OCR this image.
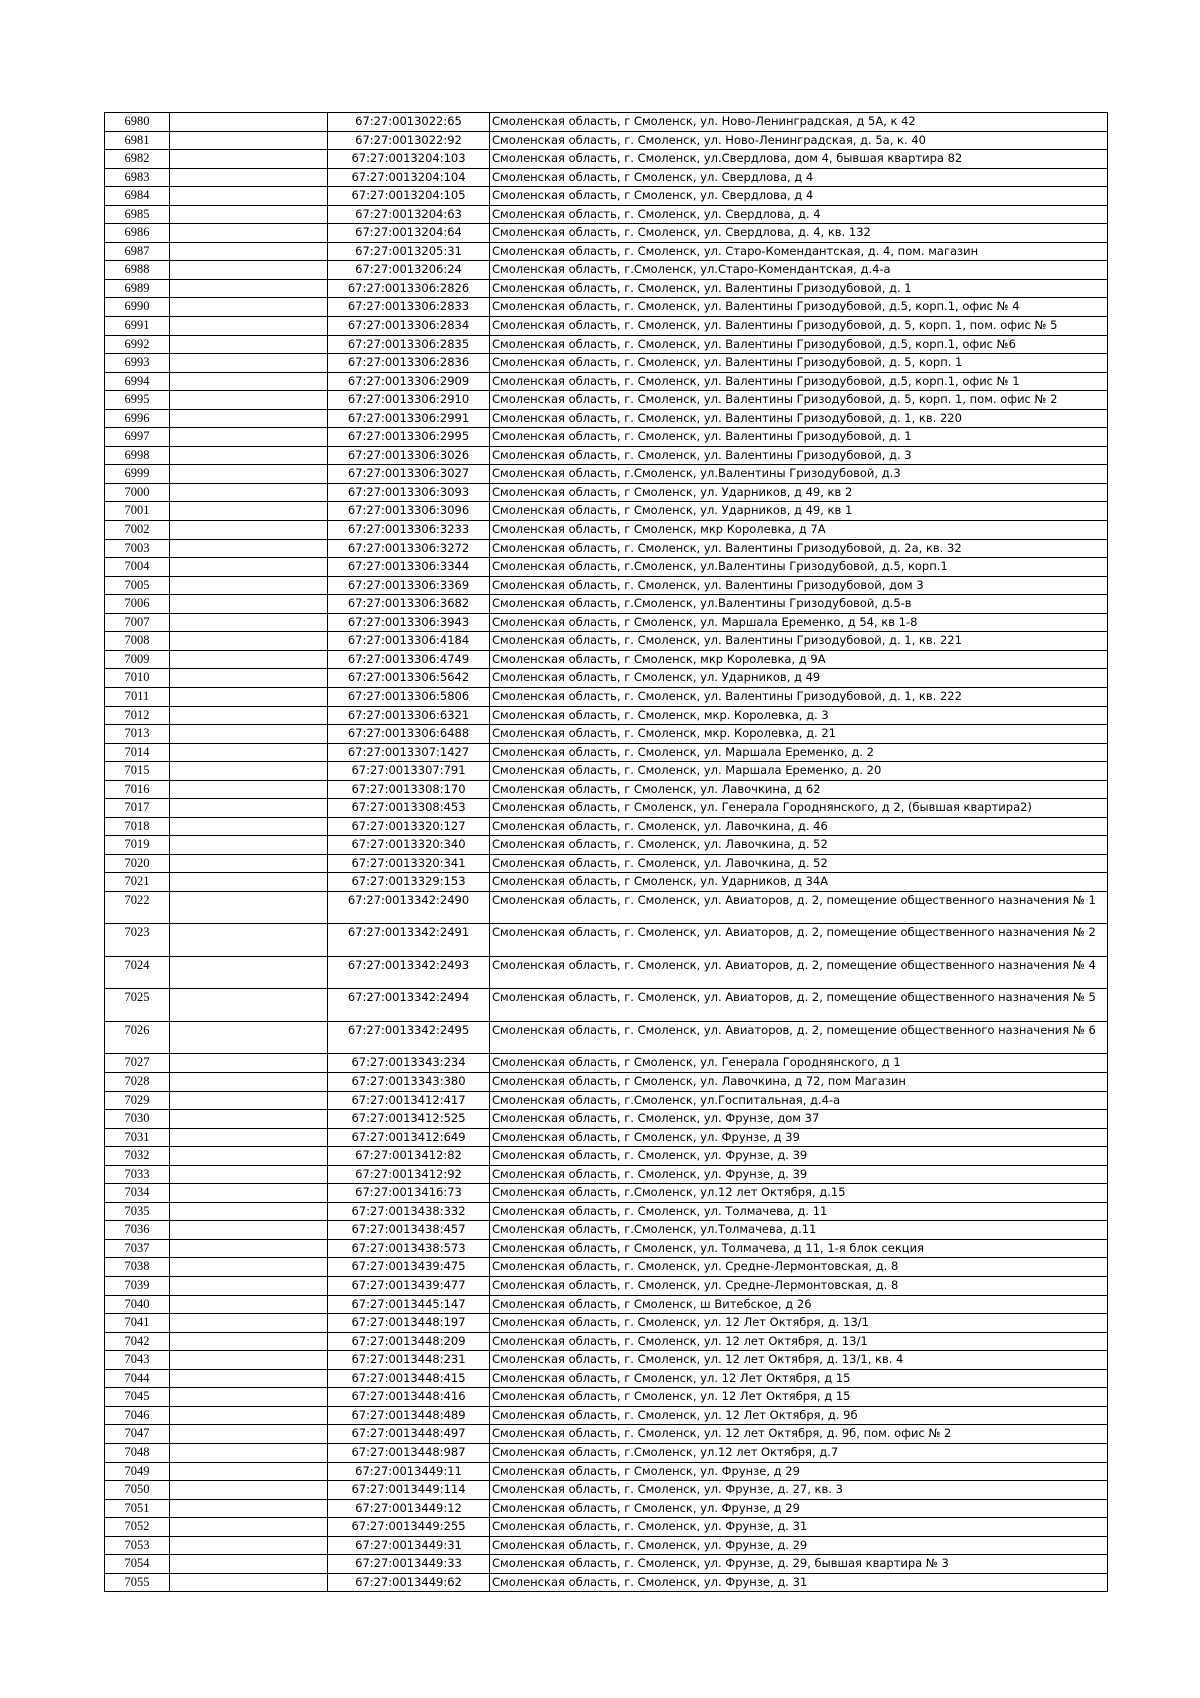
6980		67:27:0013022:65	Смоленская область, г Смоленск, ул. Ново-Ленинградская, д 5А, к 42
6981		67:27:0013022:92	Смоленская область, г. Смоленск, ул. Ново-Ленинградская, д. 5а, к. 40
6982		67:27:0013204:103	Смоленская область, г. Смоленск, ул.Свердлова, дом 4, бывшая квартира 82
6983		67:27:0013204:104	Смоленская область, г Смоленск, ул. Свердлова, д 4
6984		67:27:0013204:105	Смоленская область, г Смоленск, ул. Свердлова, д 4
6985		67:27:0013204:63	Смоленская область, г. Смоленск, ул. Свердлова, д. 4
6986		67:27:0013204:64	Смоленская область, г. Смоленск, ул. Свердлова, д. 4, кв. 132
6987		67:27:0013205:31	Смоленская область, г. Смоленск, ул. Старо-Комендантская, д. 4, пом. магазин
6988		67:27:0013206:24	Смоленская область, г.Смоленск, ул.Старо-Комендантская, д.4-а
6989		67:27:0013306:2826	Смоленская область, г. Смоленск, ул. Валентины Гризодубовой, д. 1
6990		67:27:0013306:2833	Смоленская область, г. Смоленск, ул. Валентины Гризодубовой, д.5, корп.1, офис № 4
6991		67:27:0013306:2834	Смоленская область, г. Смоленск, ул. Валентины Гризодубовой, д. 5, корп. 1, пом. офис № 5
6992		67:27:0013306:2835	Смоленская область, г. Смоленск, ул. Валентины Гризодубовой, д.5, корп.1, офис №6
6993		67:27:0013306:2836	Смоленская область, г. Смоленск, ул. Валентины Гризодубовой, д. 5, корп. 1
6994		67:27:0013306:2909	Смоленская область, г. Смоленск, ул. Валентины Гризодубовой, д.5, корп.1, офис № 1
6995		67:27:0013306:2910	Смоленская область, г. Смоленск, ул. Валентины Гризодубовой, д. 5, корп. 1, пом. офис № 2
6996		67:27:0013306:2991	Смоленская область, г. Смоленск, ул. Валентины Гризодубовой, д. 1, кв. 220
6997		67:27:0013306:2995	Смоленская область, г. Смоленск, ул. Валентины Гризодубовой, д. 1
6998		67:27:0013306:3026	Смоленская область, г. Смоленск, ул. Валентины Гризодубовой, д. 3
6999		67:27:0013306:3027	Смоленская область, г.Смоленск, ул.Валентины Гризодубовой, д.3
7000		67:27:0013306:3093	Смоленская область, г Смоленск, ул. Ударников, д 49, кв 2
7001		67:27:0013306:3096	Смоленская область, г Смоленск, ул. Ударников, д 49, кв 1
7002		67:27:0013306:3233	Смоленская область, г Смоленск, мкр Королевка, д 7А
7003		67:27:0013306:3272	Смоленская область, г. Смоленск, ул. Валентины Гризодубовой, д. 2а, кв. 32
7004		67:27:0013306:3344	Смоленская область, г.Смоленск, ул.Валентины Гризодубовой, д.5, корп.1
7005		67:27:0013306:3369	Смоленская область, г. Смоленск, ул. Валентины Гризодубовой, дом 3
7006		67:27:0013306:3682	Смоленская область, г.Смоленск, ул.Валентины Гризодубовой, д.5-в
7007		67:27:0013306:3943	Смоленская область, г Смоленск, ул. Маршала Еременко, д 54, кв 1-8
7008		67:27:0013306:4184	Смоленская область, г. Смоленск, ул. Валентины Гризодубовой, д. 1, кв. 221
7009		67:27:0013306:4749	Смоленская область, г Смоленск, мкр Королевка, д 9А
7010		67:27:0013306:5642	Смоленская область, г Смоленск, ул. Ударников, д 49
7011		67:27:0013306:5806	Смоленская область, г. Смоленск, ул. Валентины Гризодубовой, д. 1, кв. 222
7012		67:27:0013306:6321	Смоленская область, г. Смоленск, мкр. Королевка, д. 3
7013		67:27:0013306:6488	Смоленская область, г. Смоленск, мкр. Королевка, д. 21
7014		67:27:0013307:1427	Смоленская область, г. Смоленск, ул. Маршала Еременко, д. 2
7015		67:27:0013307:791	Смоленская область, г. Смоленск, ул. Маршала Еременко, д. 20
7016		67:27:0013308:170	Смоленская область, г Смоленск, ул. Лавочкина, д 62
7017		67:27:0013308:453	Смоленская область, г Смоленск, ул. Генерала Городнянского, д 2, (бывшая квартира2)
7018		67:27:0013320:127	Смоленская область, г. Смоленск, ул. Лавочкина, д. 46
7019		67:27:0013320:340	Смоленская область, г. Смоленск, ул. Лавочкина, д. 52
7020		67:27:0013320:341	Смоленская область, г. Смоленск, ул. Лавочкина, д. 52
7021		67:27:0013329:153	Смоленская область, г Смоленск, ул. Ударников, д 34А
7022		67:27:0013342:2490	Смоленская область, г. Смоленск, ул. Авиаторов, д. 2, помещение общественного назначения № 1
7023		67:27:0013342:2491	Смоленская область, г. Смоленск, ул. Авиаторов, д. 2, помещение общественного назначения № 2
7024		67:27:0013342:2493	Смоленская область, г. Смоленск, ул. Авиаторов, д. 2, помещение общественного назначения № 4
7025		67:27:0013342:2494	Смоленская область, г. Смоленск, ул. Авиаторов, д. 2, помещение общественного назначения № 5
7026		67:27:0013342:2495	Смоленская область, г. Смоленск, ул. Авиаторов, д. 2, помещение общественного назначения № 6
7027		67:27:0013343:234	Смоленская область, г Смоленск, ул. Генерала Городнянского, д 1
7028		67:27:0013343:380	Смоленская область, г Смоленск, ул. Лавочкина, д 72, пом Магазин
7029		67:27:0013412:417	Смоленская область, г.Смоленск, ул.Госпитальная, д.4-а
7030		67:27:0013412:525	Смоленская область, г. Смоленск, ул. Фрунзе, дом 37
7031		67:27:0013412:649	Смоленская область, г Смоленск, ул. Фрунзе, д 39
7032		67:27:0013412:82	Смоленская область, г. Смоленск, ул. Фрунзе, д. 39
7033		67:27:0013412:92	Смоленская область, г. Смоленск, ул. Фрунзе, д. 39
7034		67:27:0013416:73	Смоленская область, г.Смоленск, ул.12 лет Октября, д.15
7035		67:27:0013438:332	Смоленская область, г. Смоленск, ул. Толмачева, д. 11
7036		67:27:0013438:457	Смоленская область, г.Смоленск, ул.Толмачева, д.11
7037		67:27:0013438:573	Смоленская область, г Смоленск, ул. Толмачева, д 11, 1-я блок секция
7038		67:27:0013439:475	Смоленская область, г. Смоленск, ул. Средне-Лермонтовская, д. 8
7039		67:27:0013439:477	Смоленская область, г. Смоленск, ул. Средне-Лермонтовская, д. 8
7040		67:27:0013445:147	Смоленская область, г Смоленск, ш Витебское, д 26
7041		67:27:0013448:197	Смоленская область, г. Смоленск, ул. 12 Лет Октября, д. 13/1
7042		67:27:0013448:209	Смоленская область, г. Смоленск, ул. 12 лет Октября, д. 13/1
7043		67:27:0013448:231	Смоленская область, г. Смоленск, ул. 12 лет Октября, д. 13/1, кв. 4
7044		67:27:0013448:415	Смоленская область, г Смоленск, ул. 12 Лет Октября, д 15
7045		67:27:0013448:416	Смоленская область, г Смоленск, ул. 12 Лет Октября, д 15
7046		67:27:0013448:489	Смоленская область, г. Смоленск, ул. 12 Лет Октября, д. 9б
7047		67:27:0013448:497	Смоленская область, г. Смоленск, ул. 12 лет Октября, д. 9б, пом. офис № 2
7048		67:27:0013448:987	Смоленская область, г.Смоленск, ул.12 лет Октября, д.7
7049		67:27:0013449:11	Смоленская область, г Смоленск, ул. Фрунзе, д 29
7050		67:27:0013449:114	Смоленская область, г. Смоленск, ул. Фрунзе, д. 27, кв. 3
7051		67:27:0013449:12	Смоленская область, г Смоленск, ул. Фрунзе, д 29
7052		67:27:0013449:255	Смоленская область, г. Смоленск, ул. Фрунзе, д. 31
7053		67:27:0013449:31	Смоленская область, г. Смоленск, ул. Фрунзе, д. 29
7054		67:27:0013449:33	Смоленская область, г. Смоленск, ул. Фрунзе, д. 29, бывшая квартира № 3
7055		67:27:0013449:62	Смоленская область, г. Смоленск, ул. Фрунзе, д. 31
